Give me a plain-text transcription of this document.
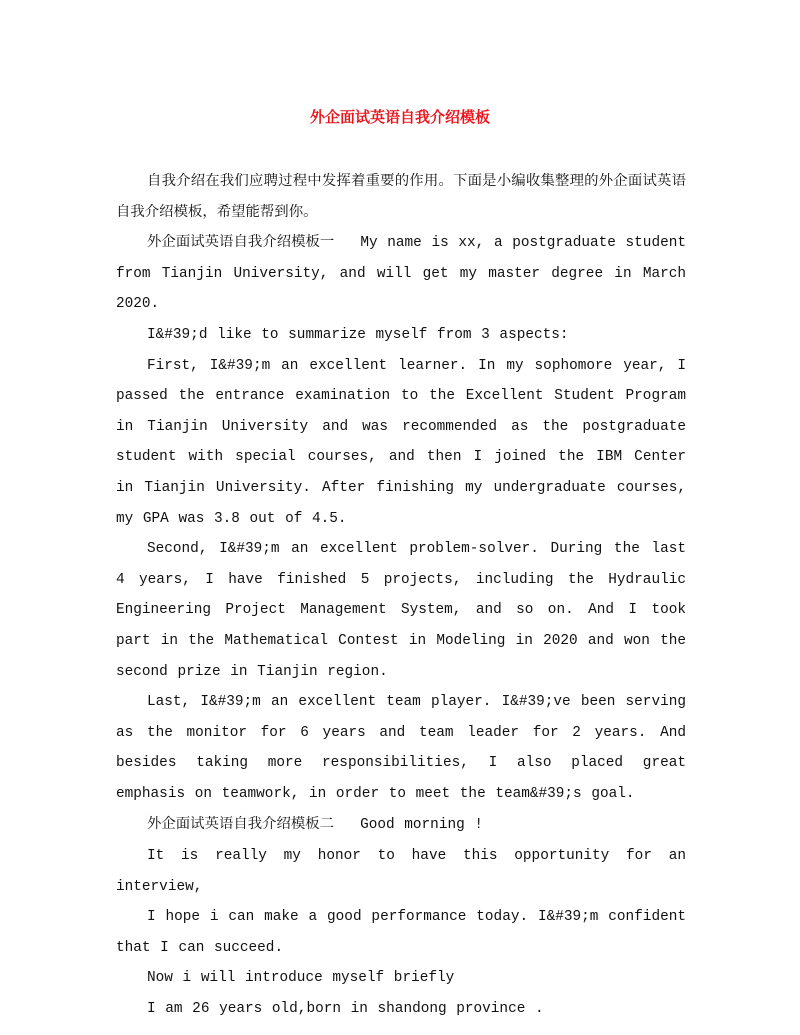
外企面试英语自我介绍模板

自我介绍在我们应聘过程中发挥着重要的作用。下面是小编收集整理的外企面试英语自我介绍模板，希望能帮到你。

外企面试英语自我介绍模板一 My name is xx, a postgraduate student from Tianjin University, and will get my master degree in March 2020.

I&#39;d like to summarize myself from 3 aspects:

First, I&#39;m an excellent learner. In my sophomore year, I passed the entrance examination to the Excellent Student Program in Tianjin University and was recommended as the postgraduate student with special courses, and then I joined the IBM Center in Tianjin University. After finishing my undergraduate courses, my GPA was 3.8 out of 4.5.

Second, I&#39;m an excellent problem-solver. During the last 4 years, I have finished 5 projects, including the Hydraulic Engineering Project Management System, and so on. And I took part in the Mathematical Contest in Modeling in 2020 and won the second prize in Tianjin region.

Last, I&#39;m an excellent team player. I&#39;ve been serving as the monitor for 6 years and team leader for 2 years. And besides taking more responsibilities, I also placed great emphasis on teamwork, in order to meet the team&#39;s goal.

外企面试英语自我介绍模板二 Good morning !

It is really my honor to have this opportunity for an interview,

I hope i can make a good performance today. I&#39;m confident that I can succeed.

Now i will introduce myself briefly

I am 26 years old,born in shandong province .
